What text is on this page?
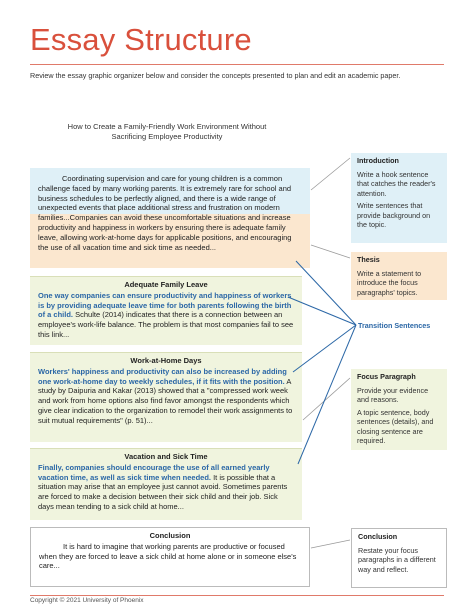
Essay Structure

Review the essay graphic organizer below and consider the concepts presented to plan and edit an academic paper.

How to Create a Family-Friendly Work Environment Without
Sacrificing Employee Productivity
Coordinating supervision and care for young children is a common challenge faced by many working parents. It is extremely rare for school and business schedules to be perfectly aligned, and there is a wide range of unexpected events that place additional stress and frustration on modern families...Companies can avoid these uncomfortable situations and increase productivity and happiness in workers by ensuring there is adequate family leave, allowing work-at-home days for applicable positions, and encouraging the use of all vacation time and sick time as needed...
Adequate Family Leave
One way companies can ensure productivity and happiness of workers is by providing adequate leave time for both parents following the birth of a child. Schulte (2014) indicates that there is a connection between an employee's work-life balance. The problem is that most companies fail to see this link...
Work-at-Home Days
Workers' happiness and productivity can also be increased by adding one work-at-home day to weekly schedules, if it fits with the position. A study by Daipuria and Kakar (2013) showed that a "compressed work week and work from home options also find favor amongst the respondents which give clear indication to the organization to remodel their work assignments to suit mutual requirements" (p. 51)...
Vacation and Sick Time
Finally, companies should encourage the use of all earned yearly vacation time, as well as sick time when needed. It is possible that a situation may arise that an employee just cannot avoid. Sometimes parents are forced to make a decision between their sick child and their job. Sick days mean tending to a sick child at home...
Conclusion
It is hard to imagine that working parents are productive or focused when they are forced to leave a sick child at home alone or in someone else's care...
Introduction

Write a hook sentence that catches the reader's attention.

Write sentences that provide background on the topic.

Thesis

Write a statement to introduce the focus paragraphs' topics.

Transition Sentences
Focus Paragraph

Provide your evidence and reasons.

A topic sentence, body sentences (details), and closing sentence are required.

Conclusion

Restate your focus paragraphs in a different way and reflect.

Copyright © 2021 University of Phoenix
